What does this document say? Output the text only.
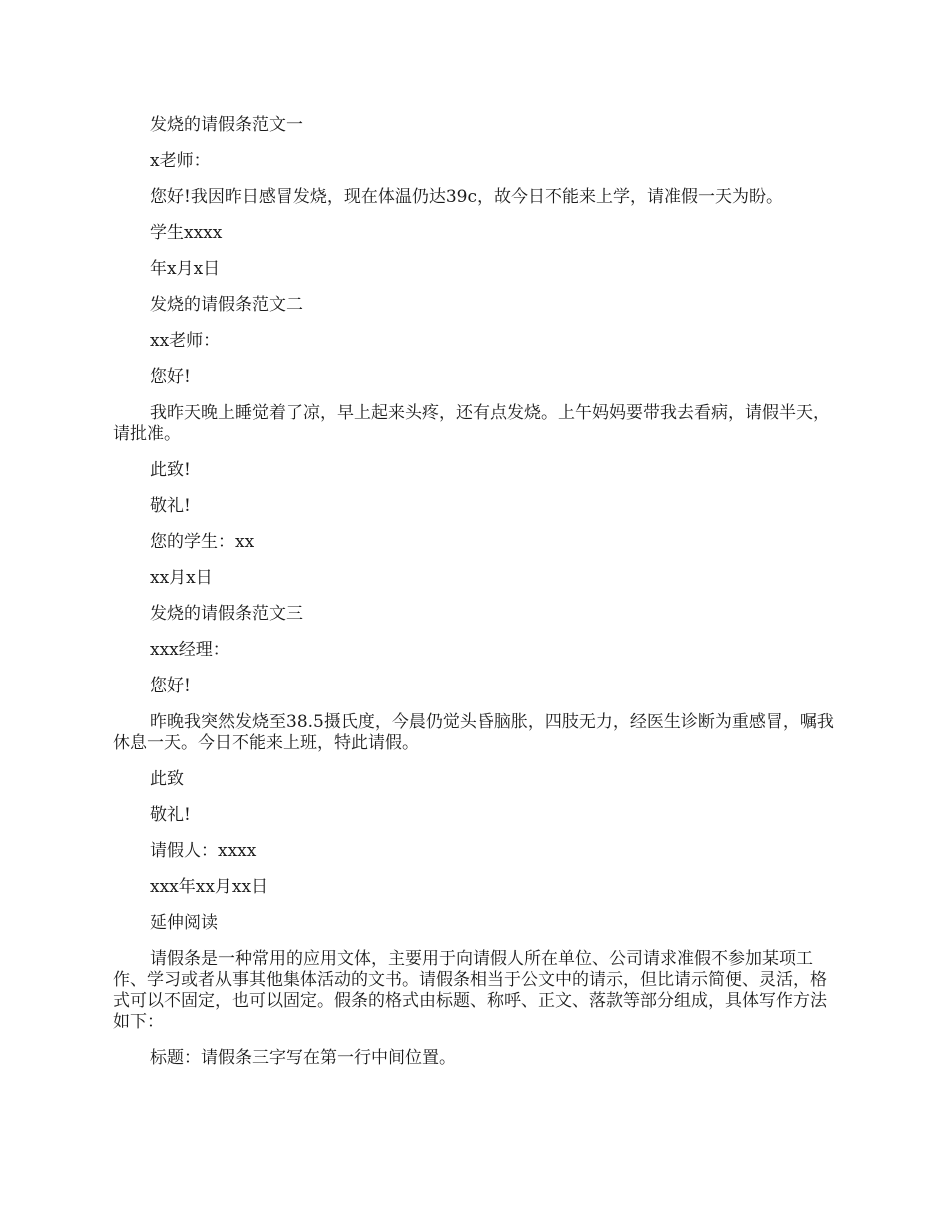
发烧的请假条范文一

x老师：

您好!我因昨日感冒发烧，现在体温仍达39c，故今日不能来上学，请准假一天为盼。

学生xxxx

年x月x日

发烧的请假条范文二

xx老师：

您好!

我昨天晚上睡觉着了凉，早上起来头疼，还有点发烧。上午妈妈要带我去看病，请假半天，请批准。

此致!

敬礼!

您的学生：xx

xx月x日

发烧的请假条范文三

xxx经理：

您好!

昨晚我突然发烧至38.5摄氏度，今晨仍觉头昏脑胀，四肢无力，经医生诊断为重感冒，嘱我休息一天。今日不能来上班，特此请假。

此致

敬礼!

请假人：xxxx

xxx年xx月xx日

延伸阅读

请假条是一种常用的应用文体，主要用于向请假人所在单位、公司请求准假不参加某项工作、学习或者从事其他集体活动的文书。请假条相当于公文中的请示，但比请示简便、灵活，格式可以不固定，也可以固定。假条的格式由标题、称呼、正文、落款等部分组成，具体写作方法如下：

标题：请假条三字写在第一行中间位置。
